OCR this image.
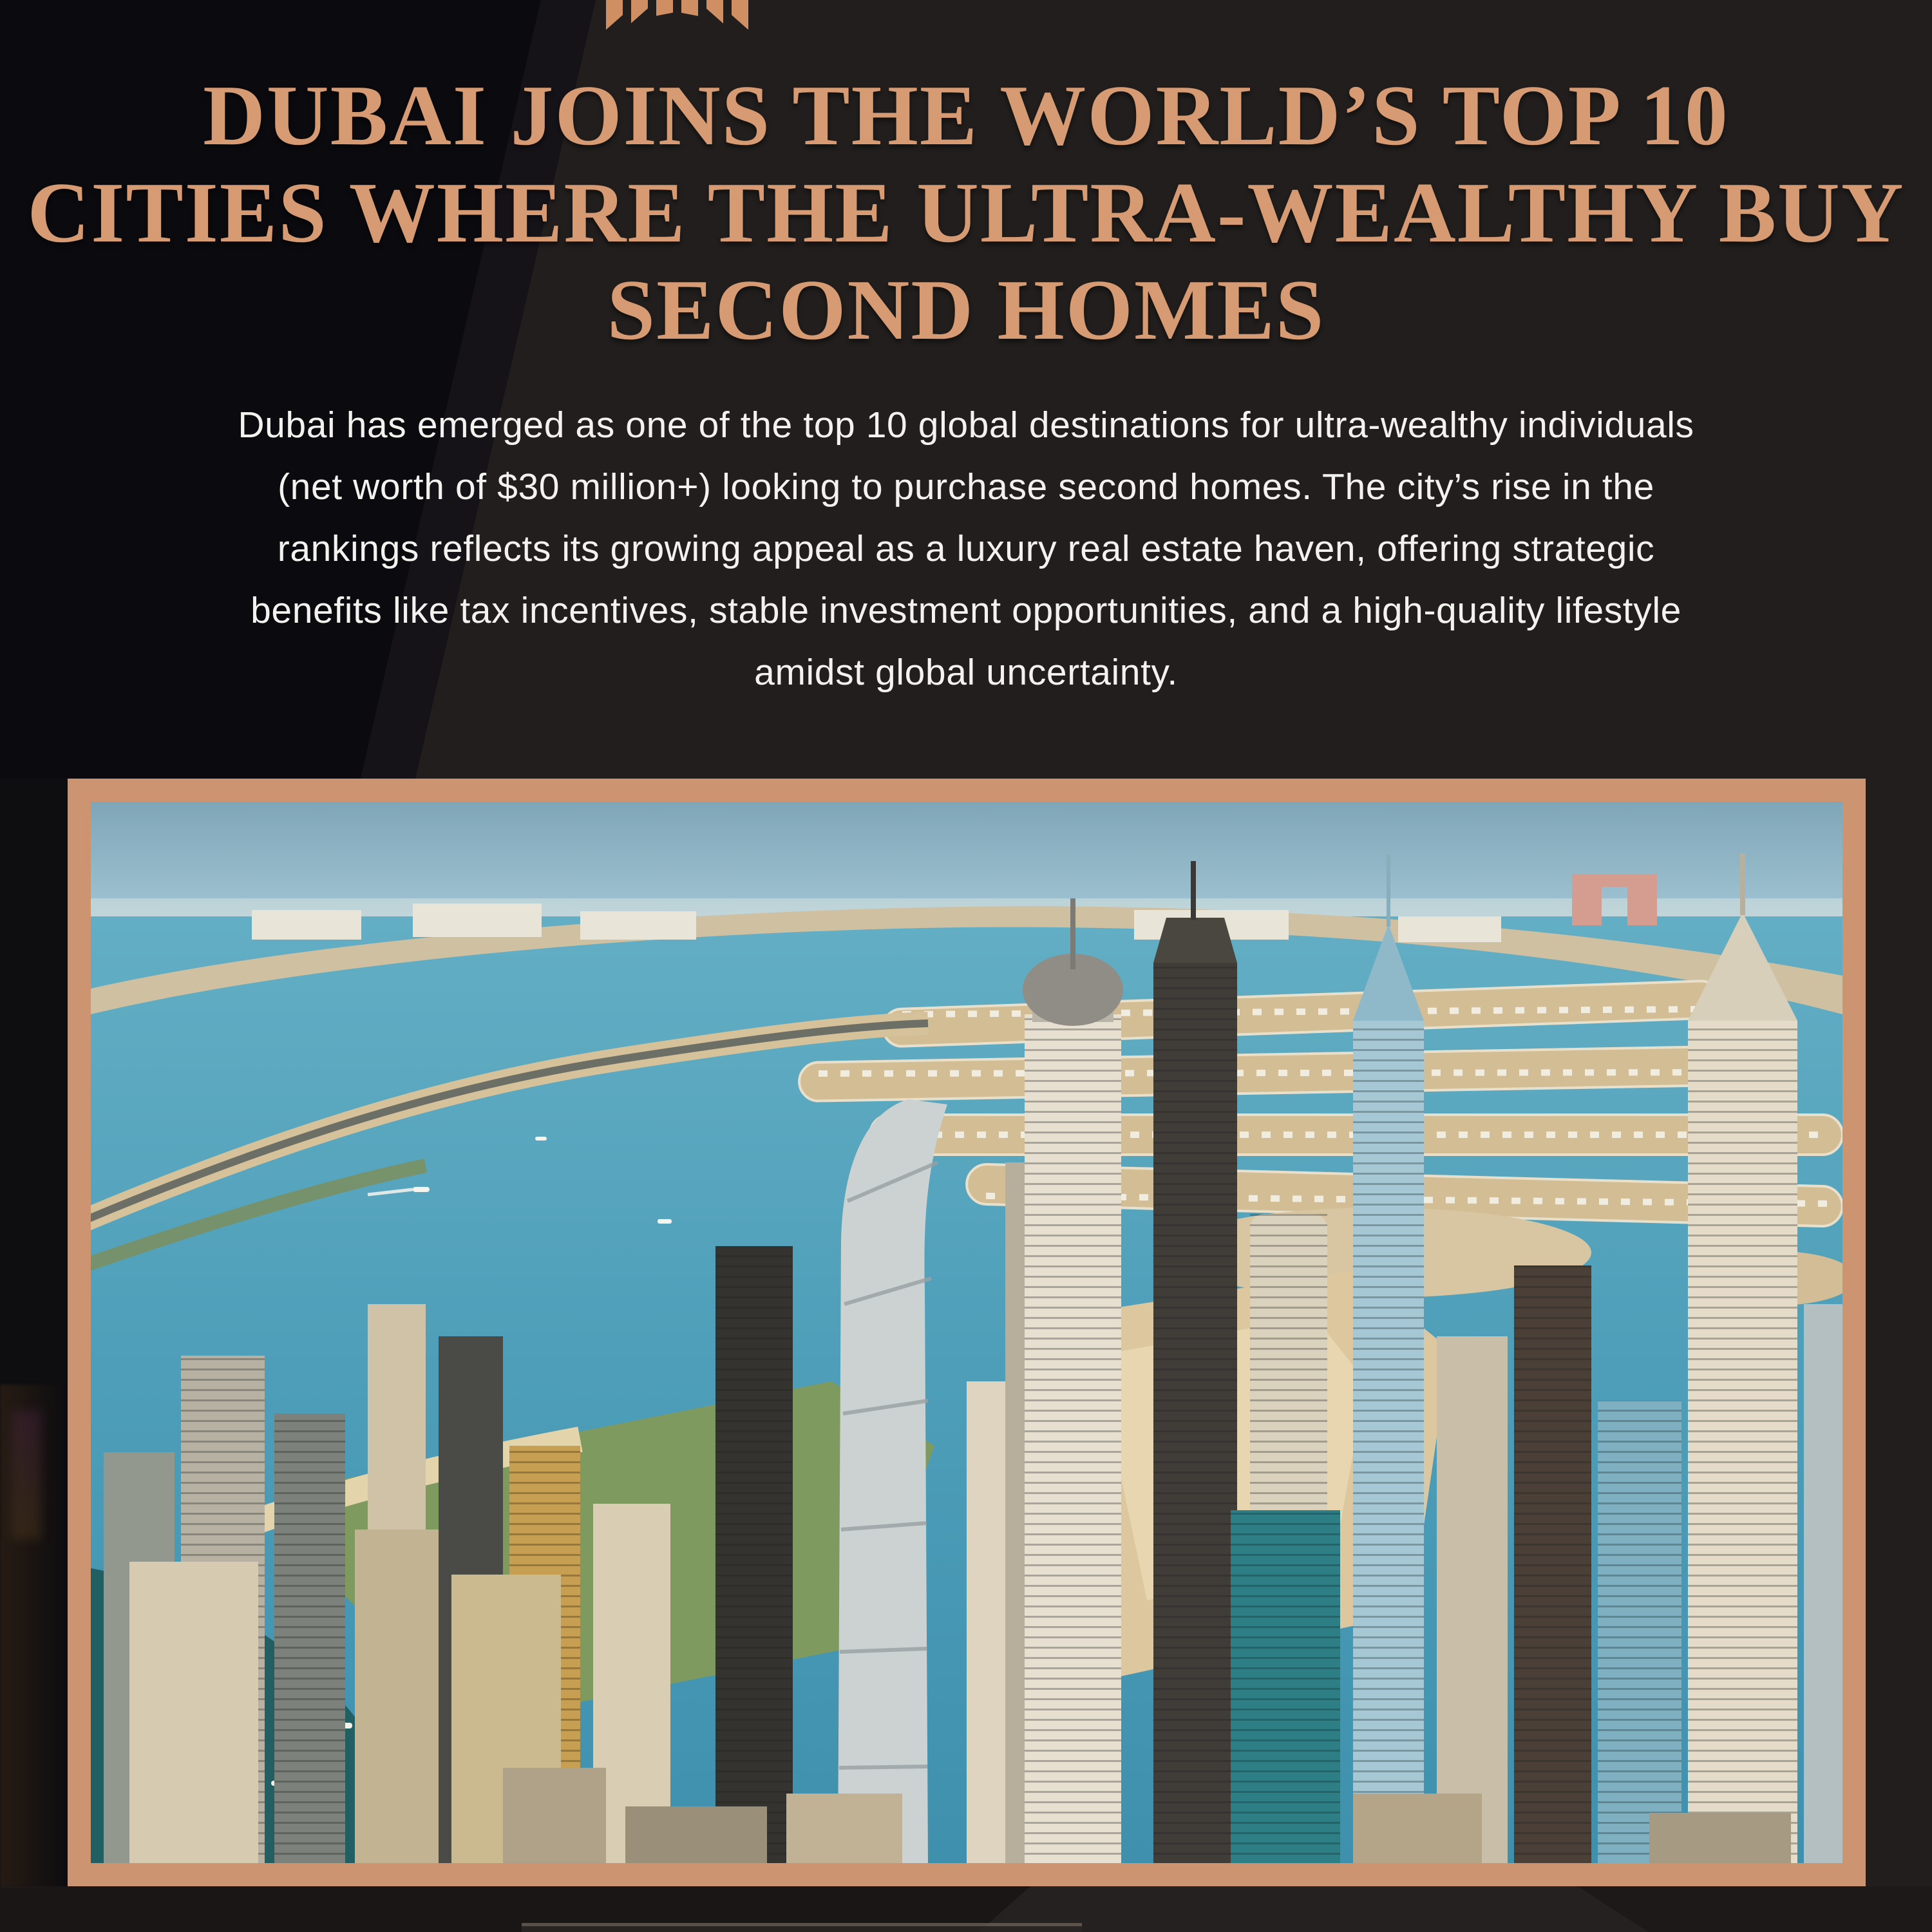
DUBAI JOINS THE WORLD’S TOP 10
CITIES WHERE THE ULTRA-WEALTHY BUY
SECOND HOMES

Dubai has emerged as one of the top 10 global destinations for ultra-wealthy individuals
(net worth of $30 million+) looking to purchase second homes. The city’s rise in the
rankings reflects its growing appeal as a luxury real estate haven, offering strategic
benefits like tax incentives, stable investment opportunities, and a high-quality lifestyle
amidst global uncertainty.
